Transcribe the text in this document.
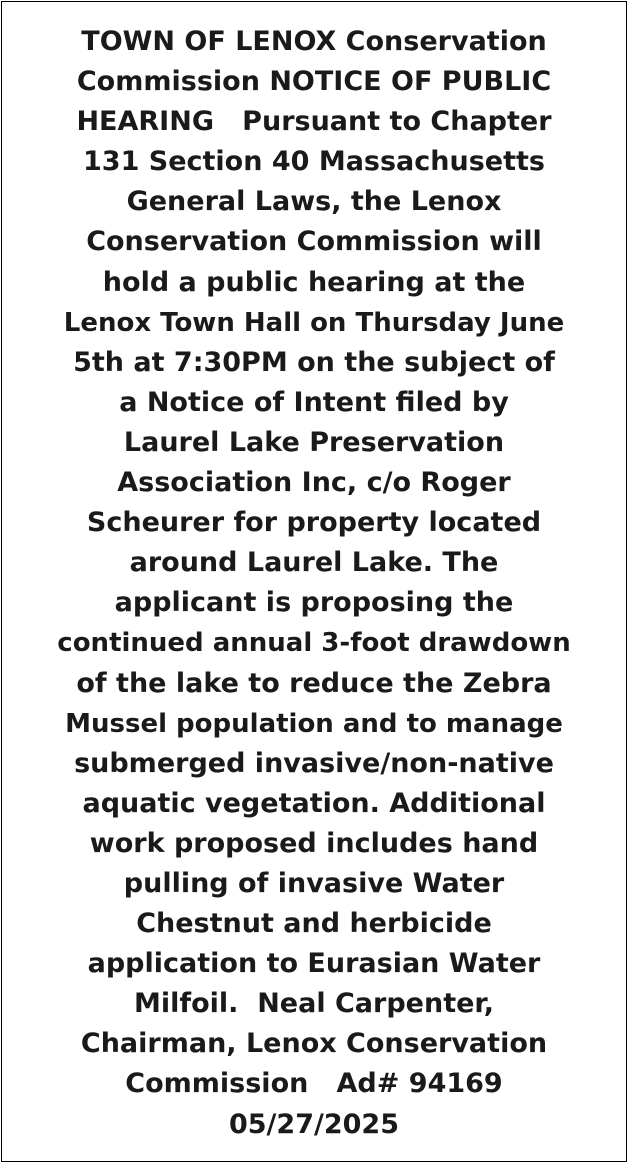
TOWN OF LENOX Conservation
Commission NOTICE OF PUBLIC
HEARING   Pursuant to Chapter
131 Section 40 Massachusetts
General Laws, the Lenox
Conservation Commission will
hold a public hearing at the
Lenox Town Hall on Thursday June
5th at 7:30PM on the subject of
a Notice of Intent filed by
Laurel Lake Preservation
Association Inc, c/o Roger
Scheurer for property located
around Laurel Lake. The
applicant is proposing the
continued annual 3-foot drawdown
of the lake to reduce the Zebra
Mussel population and to manage
submerged invasive/non-native
aquatic vegetation. Additional
work proposed includes hand
pulling of invasive Water
Chestnut and herbicide
application to Eurasian Water
Milfoil.  Neal Carpenter,
Chairman, Lenox Conservation
Commission   Ad# 94169
05/27/2025
